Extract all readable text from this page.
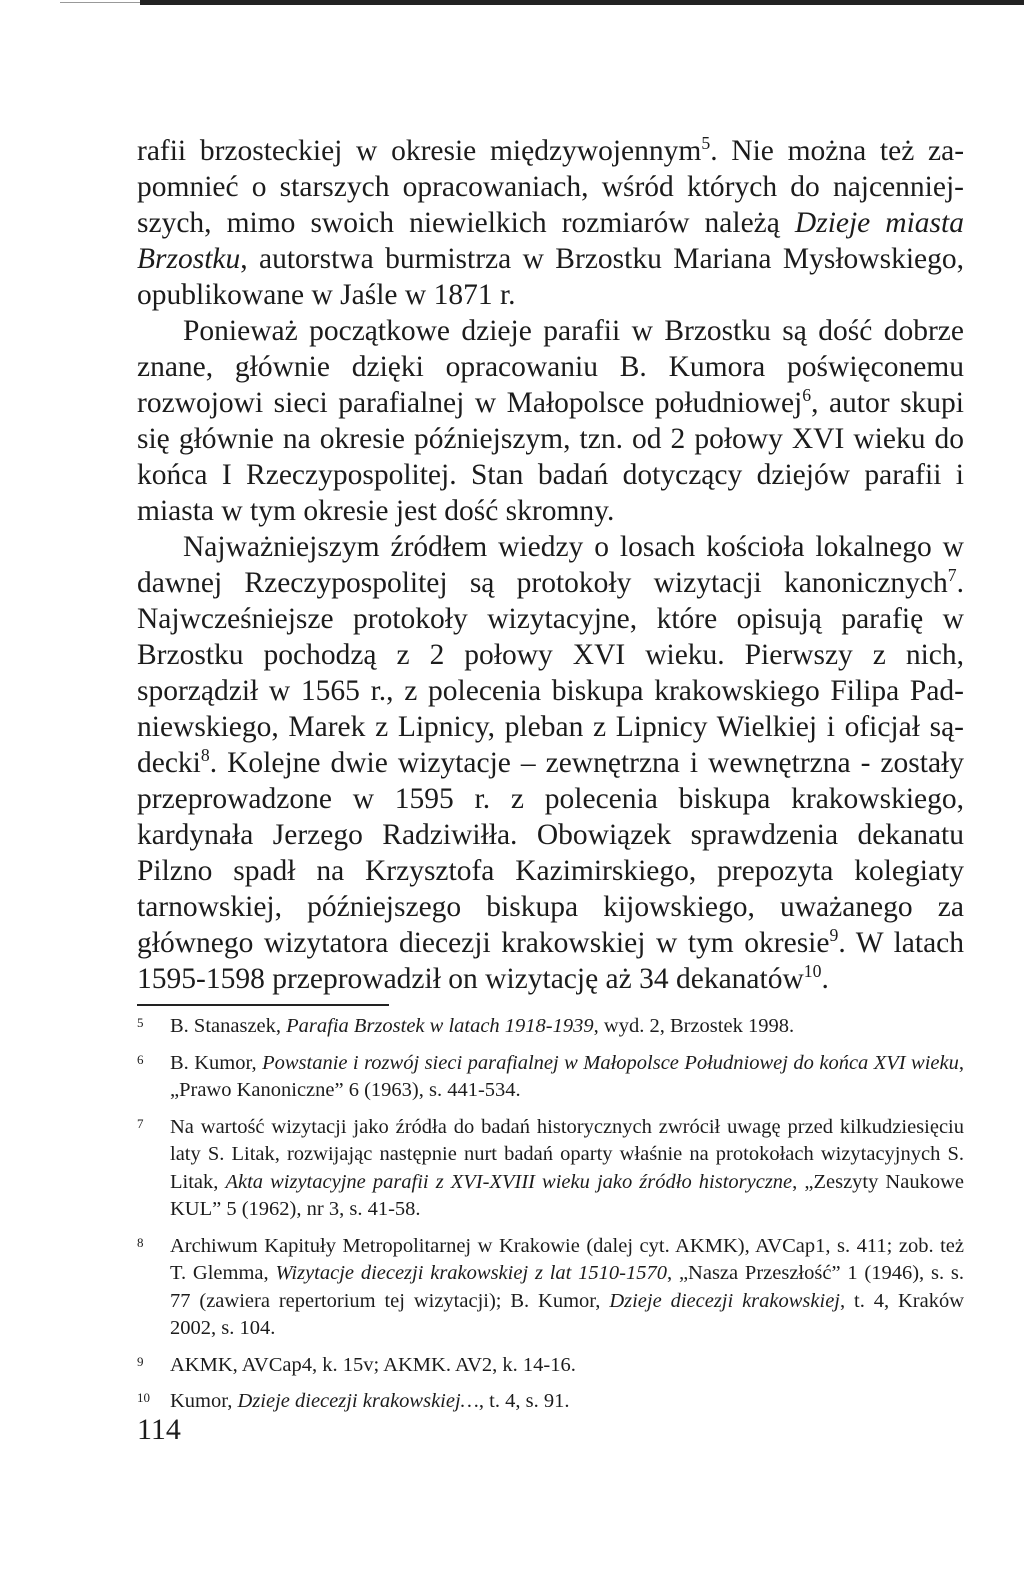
rafii brzosteckiej w okresie międzywojennym$^5$. Nie można też zapomnieć o starszych opracowaniach, wśród których do najcenniejszych, mimo swoich niewielkich rozmiarów należą Dzieje miasta Brzostku, autorstwa burmistrza w Brzostku Mariana Mysłowskiego, opublikowane w Jaśle w 1871 r.

Ponieważ początkowe dzieje parafii w Brzostku są dość dobrze znane, głównie dzięki opracowaniu B. Kumora poświęconemu rozwojowi sieci parafialnej w Małopolsce południowej$^6$, autor skupi się głównie na okresie późniejszym, tzn. od 2 połowy XVI wieku do końca I Rzeczypospolitej. Stan badań dotyczący dziejów parafii i miasta w tym okresie jest dość skromny.

Najważniejszym źródłem wiedzy o losach kościoła lokalnego w dawnej Rzeczypospolitej są protokoły wizytacji kanonicznych$^7$. Najwcześniejsze protokoły wizytacyjne, które opisują parafię w Brzostku pochodzą z 2 połowy XVI wieku. Pierwszy z nich, sporządził w 1565 r., z polecenia biskupa krakowskiego Filipa Padniewskiego, Marek z Lipnicy, pleban z Lipnicy Wielkiej i oficjał sądecki$^8$. Kolejne dwie wizytacje – zewnętrzna i wewnętrzna - zostały przeprowadzone w 1595 r. z polecenia biskupa krakowskiego, kardynała Jerzego Radziwiłła. Obowiązek sprawdzenia dekanatu Pilzno spadł na Krzysztofa Kazimirskiego, prepozyta kolegiaty tarnowskiej, późniejszego biskupa kijowskiego, uważanego za głównego wizytatora diecezji krakowskiej w tym okresie$^9$. W latach 1595-1598 przeprowadził on wizytację aż 34 dekanatów$^{10}$.

5 B. Stanaszek, Parafia Brzostek w latach 1918-1939, wyd. 2, Brzostek 1998.
6 B. Kumor, Powstanie i rozwój sieci parafialnej w Małopolsce Południowej do końca XVI wieku, „Prawo Kanoniczne” 6 (1963), s. 441-534.
7 Na wartość wizytacji jako źródła do badań historycznych zwrócił uwagę przed kilkudziesięciu laty S. Litak, rozwijając następnie nurt badań oparty właśnie na protokołach wizytacyjnych S. Litak, Akta wizytacyjne parafii z XVI-XVIII wieku jako źródło historyczne, „Zeszyty Naukowe KUL” 5 (1962), nr 3, s. 41-58.
8 Archiwum Kapituły Metropolitarnej w Krakowie (dalej cyt. AKMK), AVCap1, s. 411; zob. też T. Glemma, Wizytacje diecezji krakowskiej z lat 1510-1570, „Nasza Przeszłość” 1 (1946), s. s. 77 (zawiera repertorium tej wizytacji); B. Kumor, Dzieje diecezji krakowskiej, t. 4, Kraków 2002, s. 104.
9 AKMK, AVCap4, k. 15v; AKMK. AV2, k. 14-16.
10 Kumor, Dzieje diecezji krakowskiej…, t. 4, s. 91.
114
